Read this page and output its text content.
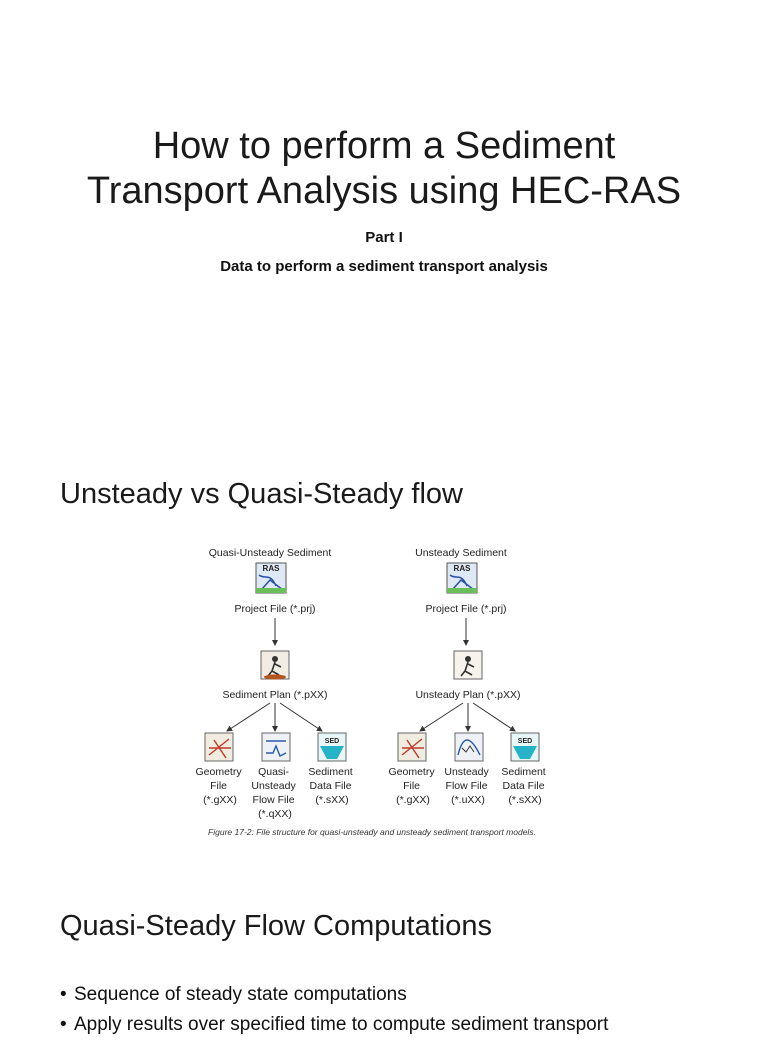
How to perform a Sediment
Transport Analysis using HEC-RAS
Part I
Data to perform a sediment transport analysis
Unsteady vs Quasi-Steady flow
Quasi-Unsteady Sediment
RAS
Project File (*.prj)
Sediment Plan (*.pXX)
SED
Geometry File (*.gXX)
Quasi- Unsteady Flow File (*.qXX)
Sediment Data File (*.sXX)
Unsteady Sediment
RAS
Project File (*.prj)
Unsteady Plan (*.pXX)
SED
Geometry File (*.gXX)
Unsteady Flow File (*.uXX)
Sediment Data File (*.sXX)
Figure 17-2: File structure for quasi-unsteady and unsteady sediment transport models.
Quasi-Steady Flow Computations
• Sequence of steady state computations
• Apply results over specified time to compute sediment transport
